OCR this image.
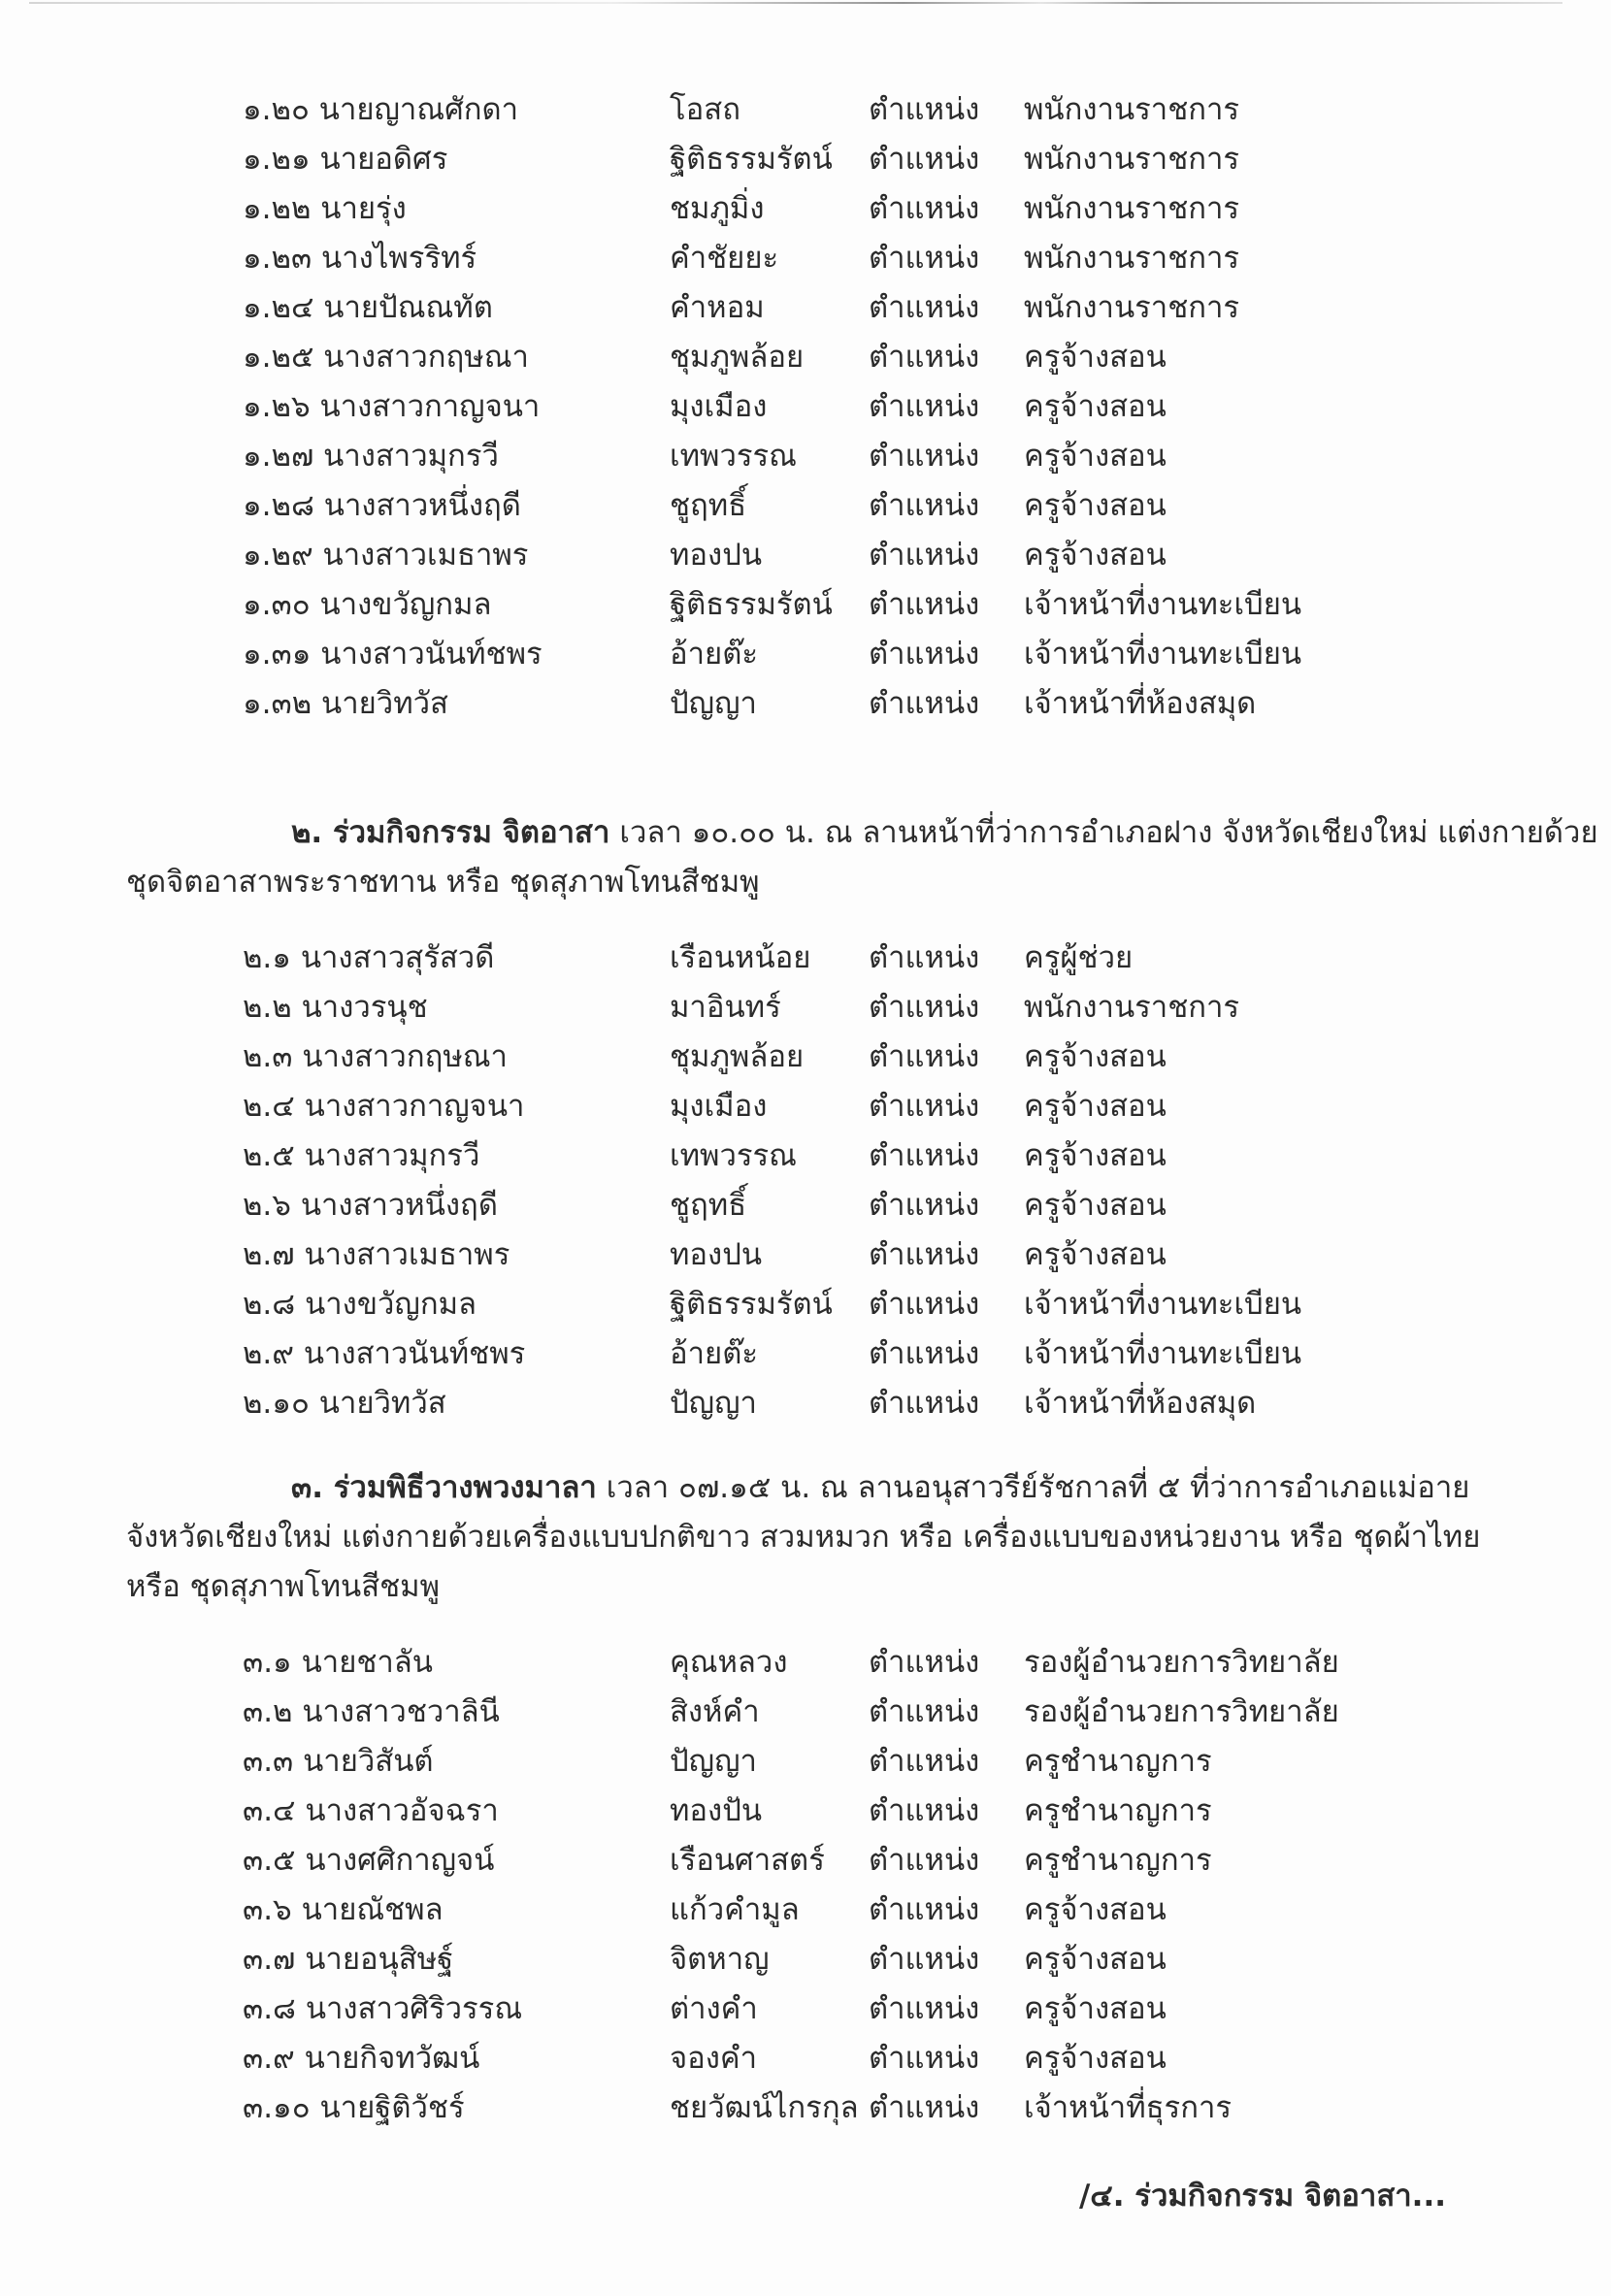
๑.๒๐ นายญาณศักดา	โอสถ	ตำแหน่ง	พนักงานราชการ
๑.๒๑ นายอดิศร	ฐิติธรรมรัตน์	ตำแหน่ง	พนักงานราชการ
๑.๒๒ นายรุ่ง	ชมภูมิ่ง	ตำแหน่ง	พนักงานราชการ
๑.๒๓ นางไพรริทร์	คำชัยยะ	ตำแหน่ง	พนักงานราชการ
๑.๒๔ นายปัณณทัต	คำหอม	ตำแหน่ง	พนักงานราชการ
๑.๒๕ นางสาวกฤษณา	ชุมภูพล้อย	ตำแหน่ง	ครูจ้างสอน
๑.๒๖ นางสาวกาญจนา	มุงเมือง	ตำแหน่ง	ครูจ้างสอน
๑.๒๗ นางสาวมุกรวี	เทพวรรณ	ตำแหน่ง	ครูจ้างสอน
๑.๒๘ นางสาวหนึ่งฤดี	ชูฤทธิ์	ตำแหน่ง	ครูจ้างสอน
๑.๒๙ นางสาวเมธาพร	ทองปน	ตำแหน่ง	ครูจ้างสอน
๑.๓๐ นางขวัญกมล	ฐิติธรรมรัตน์	ตำแหน่ง	เจ้าหน้าที่งานทะเบียน
๑.๓๑ นางสาวนันท์ชพร	อ้ายต๊ะ	ตำแหน่ง	เจ้าหน้าที่งานทะเบียน
๑.๓๒ นายวิทวัส	ปัญญา	ตำแหน่ง	เจ้าหน้าที่ห้องสมุด
๒. ร่วมกิจกรรม จิตอาสา เวลา ๑๐.๐๐ น. ณ ลานหน้าที่ว่าการอำเภอฝาง จังหวัดเชียงใหม่ แต่งกายด้วย
ชุดจิตอาสาพระราชทาน หรือ ชุดสุภาพโทนสีชมพู
๒.๑ นางสาวสุรัสวดี	เรือนหน้อย	ตำแหน่ง	ครูผู้ช่วย
๒.๒ นางวรนุช	มาอินทร์	ตำแหน่ง	พนักงานราชการ
๒.๓ นางสาวกฤษณา	ชุมภูพล้อย	ตำแหน่ง	ครูจ้างสอน
๒.๔ นางสาวกาญจนา	มุงเมือง	ตำแหน่ง	ครูจ้างสอน
๒.๕ นางสาวมุกรวี	เทพวรรณ	ตำแหน่ง	ครูจ้างสอน
๒.๖ นางสาวหนึ่งฤดี	ชูฤทธิ์	ตำแหน่ง	ครูจ้างสอน
๒.๗ นางสาวเมธาพร	ทองปน	ตำแหน่ง	ครูจ้างสอน
๒.๘ นางขวัญกมล	ฐิติธรรมรัตน์	ตำแหน่ง	เจ้าหน้าที่งานทะเบียน
๒.๙ นางสาวนันท์ชพร	อ้ายต๊ะ	ตำแหน่ง	เจ้าหน้าที่งานทะเบียน
๒.๑๐ นายวิทวัส	ปัญญา	ตำแหน่ง	เจ้าหน้าที่ห้องสมุด
๓. ร่วมพิธีวางพวงมาลา เวลา ๐๗.๑๕ น. ณ ลานอนุสาวรีย์รัชกาลที่ ๕ ที่ว่าการอำเภอแม่อาย
จังหวัดเชียงใหม่ แต่งกายด้วยเครื่องแบบปกติขาว สวมหมวก หรือ เครื่องแบบของหน่วยงาน หรือ ชุดผ้าไทย
หรือ ชุดสุภาพโทนสีชมพู
๓.๑ นายชาลัน	คุณหลวง	ตำแหน่ง	รองผู้อำนวยการวิทยาลัย
๓.๒ นางสาวชวาลินี	สิงห์คำ	ตำแหน่ง	รองผู้อำนวยการวิทยาลัย
๓.๓ นายวิสันต์	ปัญญา	ตำแหน่ง	ครูชำนาญการ
๓.๔ นางสาวอัจฉรา	ทองปัน	ตำแหน่ง	ครูชำนาญการ
๓.๕ นางศศิกาญจน์	เรือนศาสตร์	ตำแหน่ง	ครูชำนาญการ
๓.๖ นายณัชพล	แก้วคำมูล	ตำแหน่ง	ครูจ้างสอน
๓.๗ นายอนุสิษฐ์	จิตหาญ	ตำแหน่ง	ครูจ้างสอน
๓.๘ นางสาวศิริวรรณ	ต่างคำ	ตำแหน่ง	ครูจ้างสอน
๓.๙ นายกิจทวัฒน์	จองคำ	ตำแหน่ง	ครูจ้างสอน
๓.๑๐ นายฐิติวัชร์	ชยวัฒน์ไกรกุล ตำแหน่ง	เจ้าหน้าที่ธุรการ
/๔. ร่วมกิจกรรม จิตอาสา...
